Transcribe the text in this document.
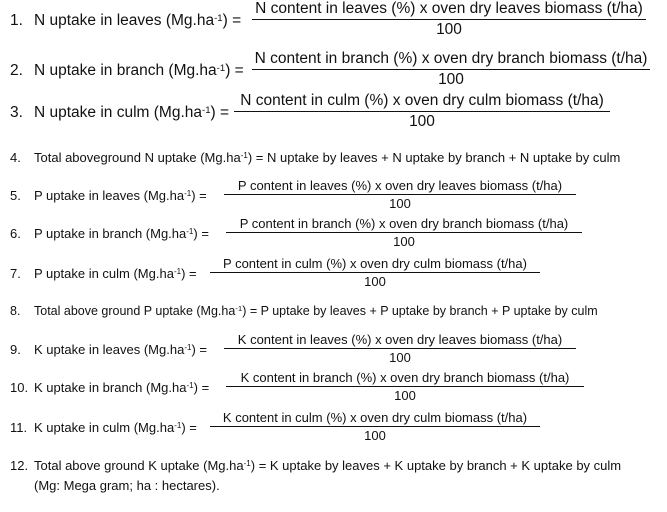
1. N uptake in leaves $(Mg.ha^{-1})$ =
N content in leaves (%) x oven dry leaves biomass (t/ha)
100
2. N uptake in branch $(Mg.ha^{-1})$ =
N content in branch (%) x oven dry branch biomass (t/ha)
100
3. N uptake in culm $(Mg.ha^{-1})$ =
N content in culm (%) x oven dry culm biomass (t/ha)
100
4. Total aboveground N uptake $(Mg.ha^{-1}) = N$ uptake by leaves + N uptake by branch + N uptake by culm
5. P uptake in leaves $(Mg.ha^{-1})$ =
P content in leaves (%) x oven dry leaves biomass (t/ha)
100
6. P uptake in branch $(Mg.ha^{-1})$ =
P content in branch (%) x oven dry branch biomass (t/ha)
100
7. P uptake in culm $(Mg.ha^{-1})$ =
P content in culm (%) x oven dry culm biomass (t/ha)
100
8. Total above ground P uptake $(Mg.ha^{-1}) = P$ uptake by leaves + P uptake by branch + P uptake by culm
9. K uptake in leaves $(Mg.ha^{-1})$ =
K content in leaves (%) x oven dry leaves biomass (t/ha)
100
10. K uptake in branch $(Mg.ha^{-1})$ =
K content in branch (%) x oven dry branch biomass (t/ha)
100
11. K uptake in culm $(Mg.ha^{-1})$ =
K content in culm (%) x oven dry culm biomass (t/ha)
100
12. Total above ground K uptake $(Mg.ha^{-1}) = K$ uptake by leaves + K uptake by branch + K uptake by culm
(Mg: Mega gram; ha : hectares).
